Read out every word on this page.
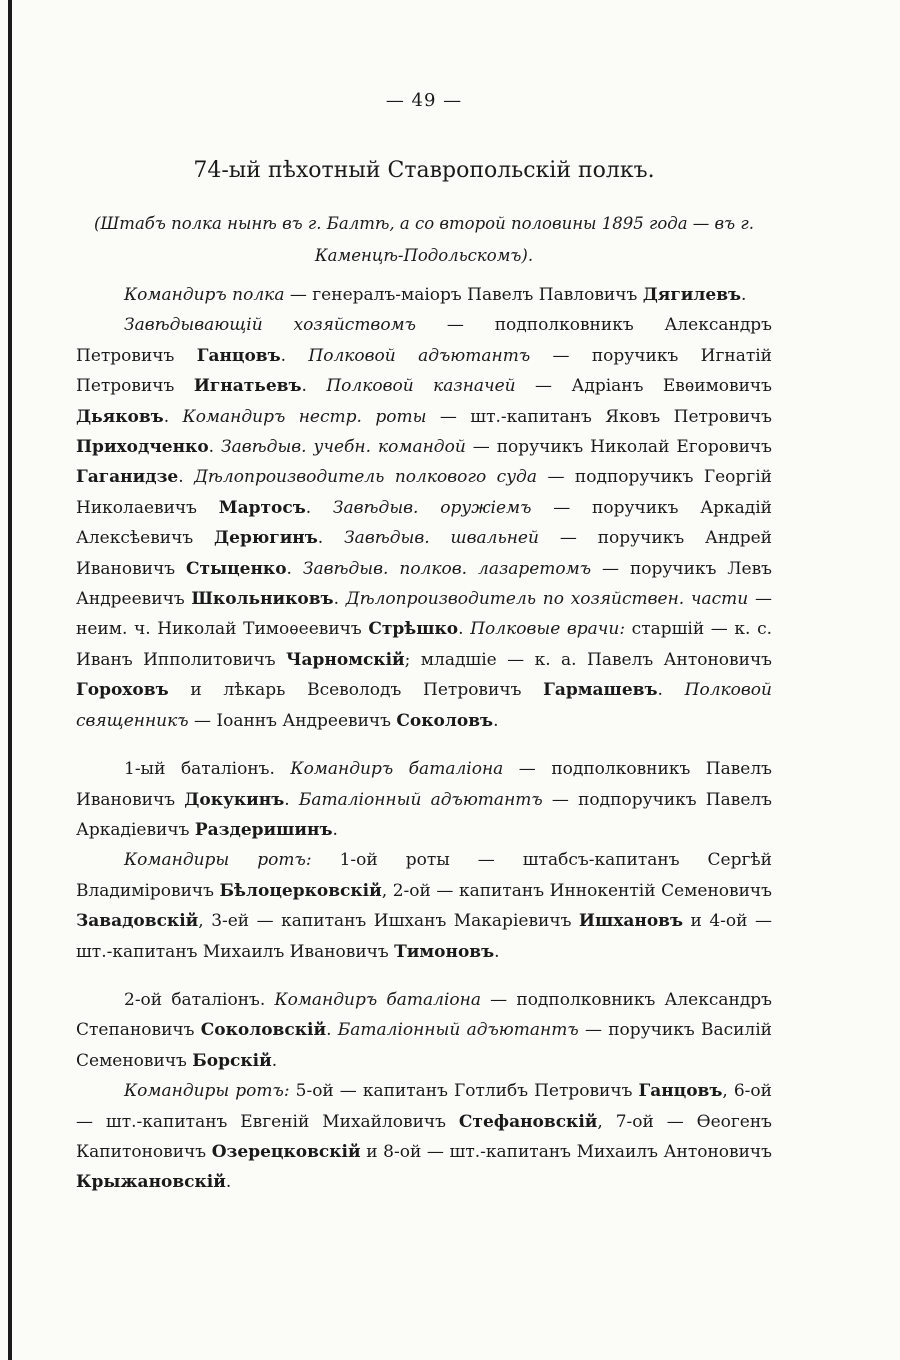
— 49 —
74-ый пѣхотный Ставропольскій полкъ.
(Штабъ полка нынѣ въ г. Балтѣ, а со второй половины 1895 года — въ г. Каменцѣ-Подольскомъ).

Командиръ полка — генералъ-маіоръ Павелъ Павловичъ Дягилевъ.

Завѣдывающій хозяйствомъ — подполковникъ Александръ Петровичъ Ганцовъ. Полковой адъютантъ — поручикъ Игнатій Петровичъ Игнатьевъ. Полковой казначей — Адріанъ Евѳимовичъ Дьяковъ. Командиръ нестр. роты — шт.-капитанъ Яковъ Петровичъ Приходченко. Завѣдыв. учебн. командой — поручикъ Николай Егоровичъ Гаганидзе. Дѣлопроизводитель полкового суда — подпоручикъ Георгій Николаевичъ Мартосъ. Завѣдыв. оружіемъ — поручикъ Аркадій Алексѣевичъ Дерюгинъ. Завѣдыв. швальней — поручикъ Андрей Ивановичъ Стыценко. Завѣдыв. полков. лазаретомъ — поручикъ Левъ Андреевичъ Школьниковъ. Дѣлопроизводитель по хозяйствен. части — неим. ч. Николай Тимоѳеевичъ Стрѣшко. Полковые врачи: старшій — к. с. Иванъ Ипполитовичъ Чарномскій; младшіе — к. а. Павелъ Антоновичъ Гороховъ и лѣкарь Всеволодъ Петровичъ Гармашевъ. Полковой священникъ — Іоаннъ Андреевичъ Соколовъ.

1-ый баталіонъ. Командиръ баталіона — подполковникъ Павелъ Ивановичъ Докукинъ. Баталіонный адъютантъ — подпоручикъ Павелъ Аркадіевичъ Раздеришинъ.

Командиры ротъ: 1-ой роты — штабсъ-капитанъ Сергѣй Владиміровичъ Бѣлоцерковскій, 2-ой — капитанъ Иннокентій Семеновичъ Завадовскій, 3-ей — капитанъ Ишханъ Макаріевичъ Ишхановъ и 4-ой — шт.-капитанъ Михаилъ Ивановичъ Тимоновъ.

2-ой баталіонъ. Командиръ баталіона — подполковникъ Александръ Степановичъ Соколовскій. Баталіонный адъютантъ — поручикъ Василій Семеновичъ Борскій.

Командиры ротъ: 5-ой — капитанъ Готлибъ Петровичъ Ганцовъ, 6-ой — шт.-капитанъ Евгеній Михайловичъ Стефановскій, 7-ой — Ѳеогенъ Капитоновичъ Озерецковскій и 8-ой — шт.-капитанъ Михаилъ Антоновичъ Крыжановскій.
